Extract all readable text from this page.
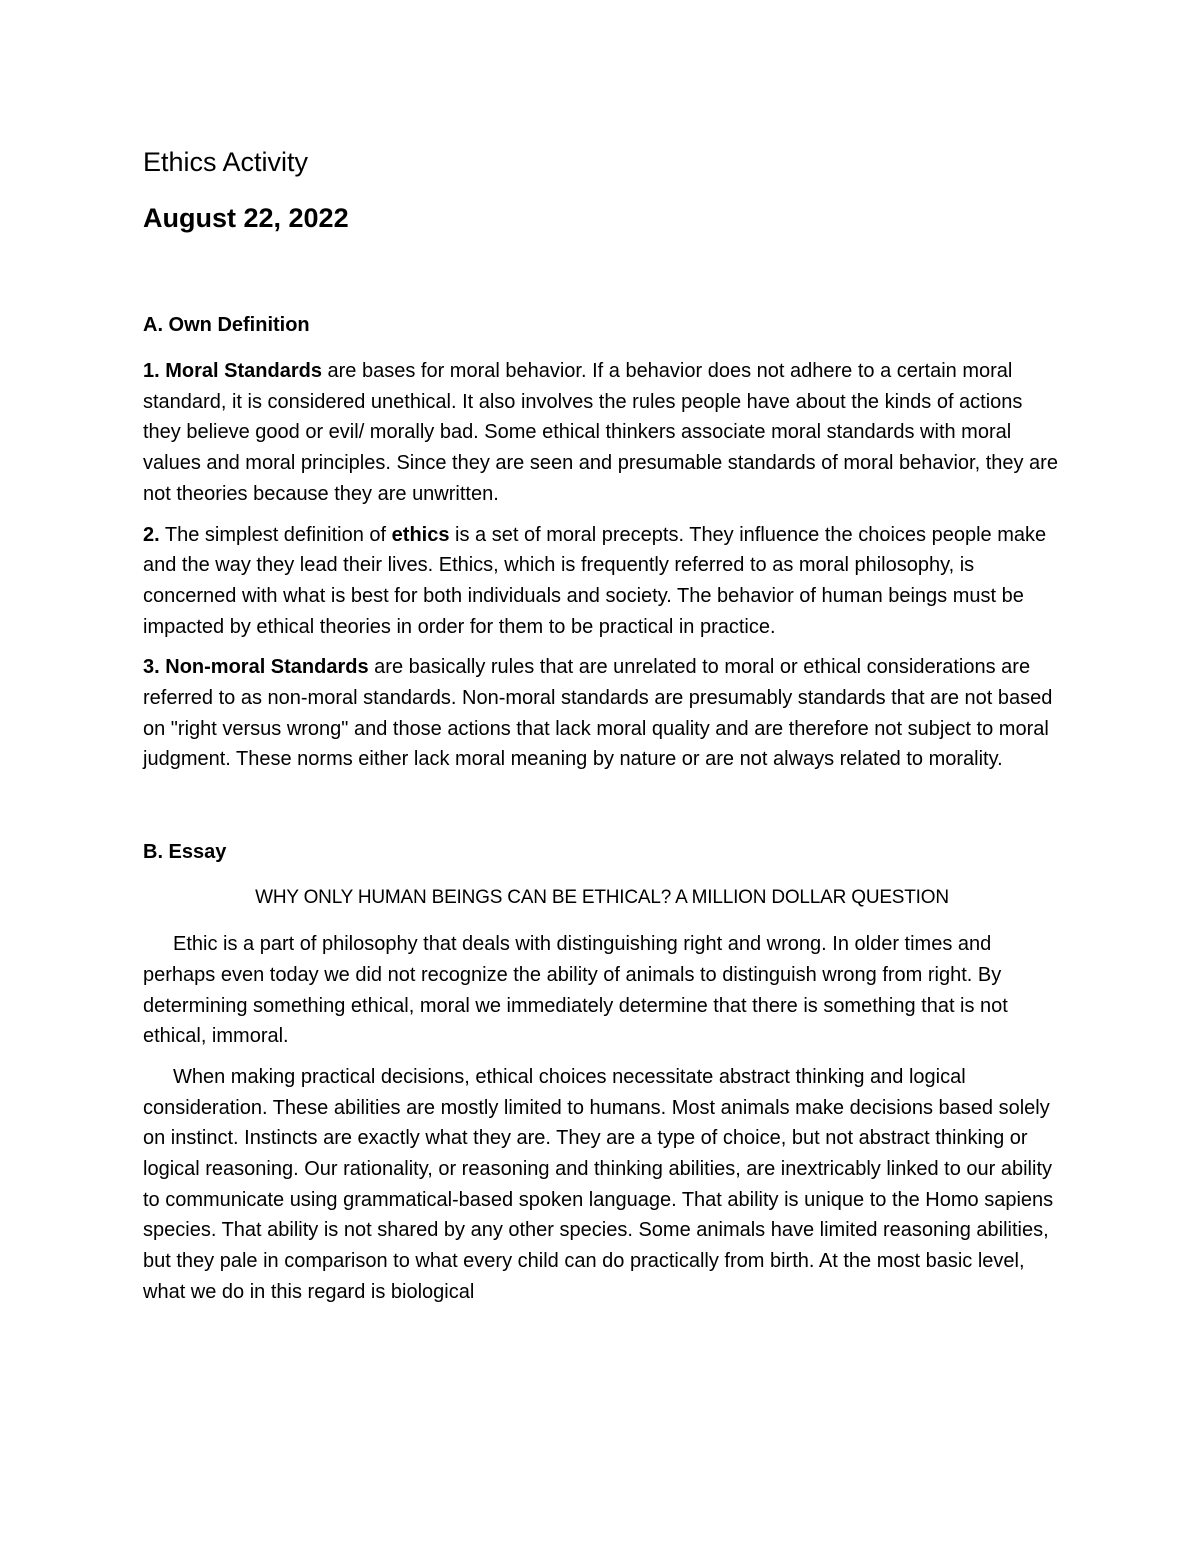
Ethics Activity
August 22, 2022
A. Own Definition

1. Moral Standards are bases for moral behavior. If a behavior does not adhere to a certain moral standard, it is considered unethical. It also involves the rules people have about the kinds of actions they believe good or evil/ morally bad. Some ethical thinkers associate moral standards with moral values and moral principles. Since they are seen and presumable standards of moral behavior, they are not theories because they are unwritten.

2. The simplest definition of ethics is a set of moral precepts. They influence the choices people make and the way they lead their lives. Ethics, which is frequently referred to as moral philosophy, is concerned with what is best for both individuals and society. The behavior of human beings must be impacted by ethical theories in order for them to be practical in practice.

3. Non-moral Standards are basically rules that are unrelated to moral or ethical considerations are referred to as non-moral standards. Non-moral standards are presumably standards that are not based on "right versus wrong" and those actions that lack moral quality and are therefore not subject to moral judgment. These norms either lack moral meaning by nature or are not always related to morality.

B. Essay
WHY ONLY HUMAN BEINGS CAN BE ETHICAL? A MILLION DOLLAR QUESTION

Ethic is a part of philosophy that deals with distinguishing right and wrong. In older times and perhaps even today we did not recognize the ability of animals to distinguish wrong from right. By determining something ethical, moral we immediately determine that there is something that is not ethical, immoral.

When making practical decisions, ethical choices necessitate abstract thinking and logical consideration. These abilities are mostly limited to humans. Most animals make decisions based solely on instinct. Instincts are exactly what they are. They are a type of choice, but not abstract thinking or logical reasoning. Our rationality, or reasoning and thinking abilities, are inextricably linked to our ability to communicate using grammatical-based spoken language. That ability is unique to the Homo sapiens species. That ability is not shared by any other species. Some animals have limited reasoning abilities, but they pale in comparison to what every child can do practically from birth. At the most basic level, what we do in this regard is biological
